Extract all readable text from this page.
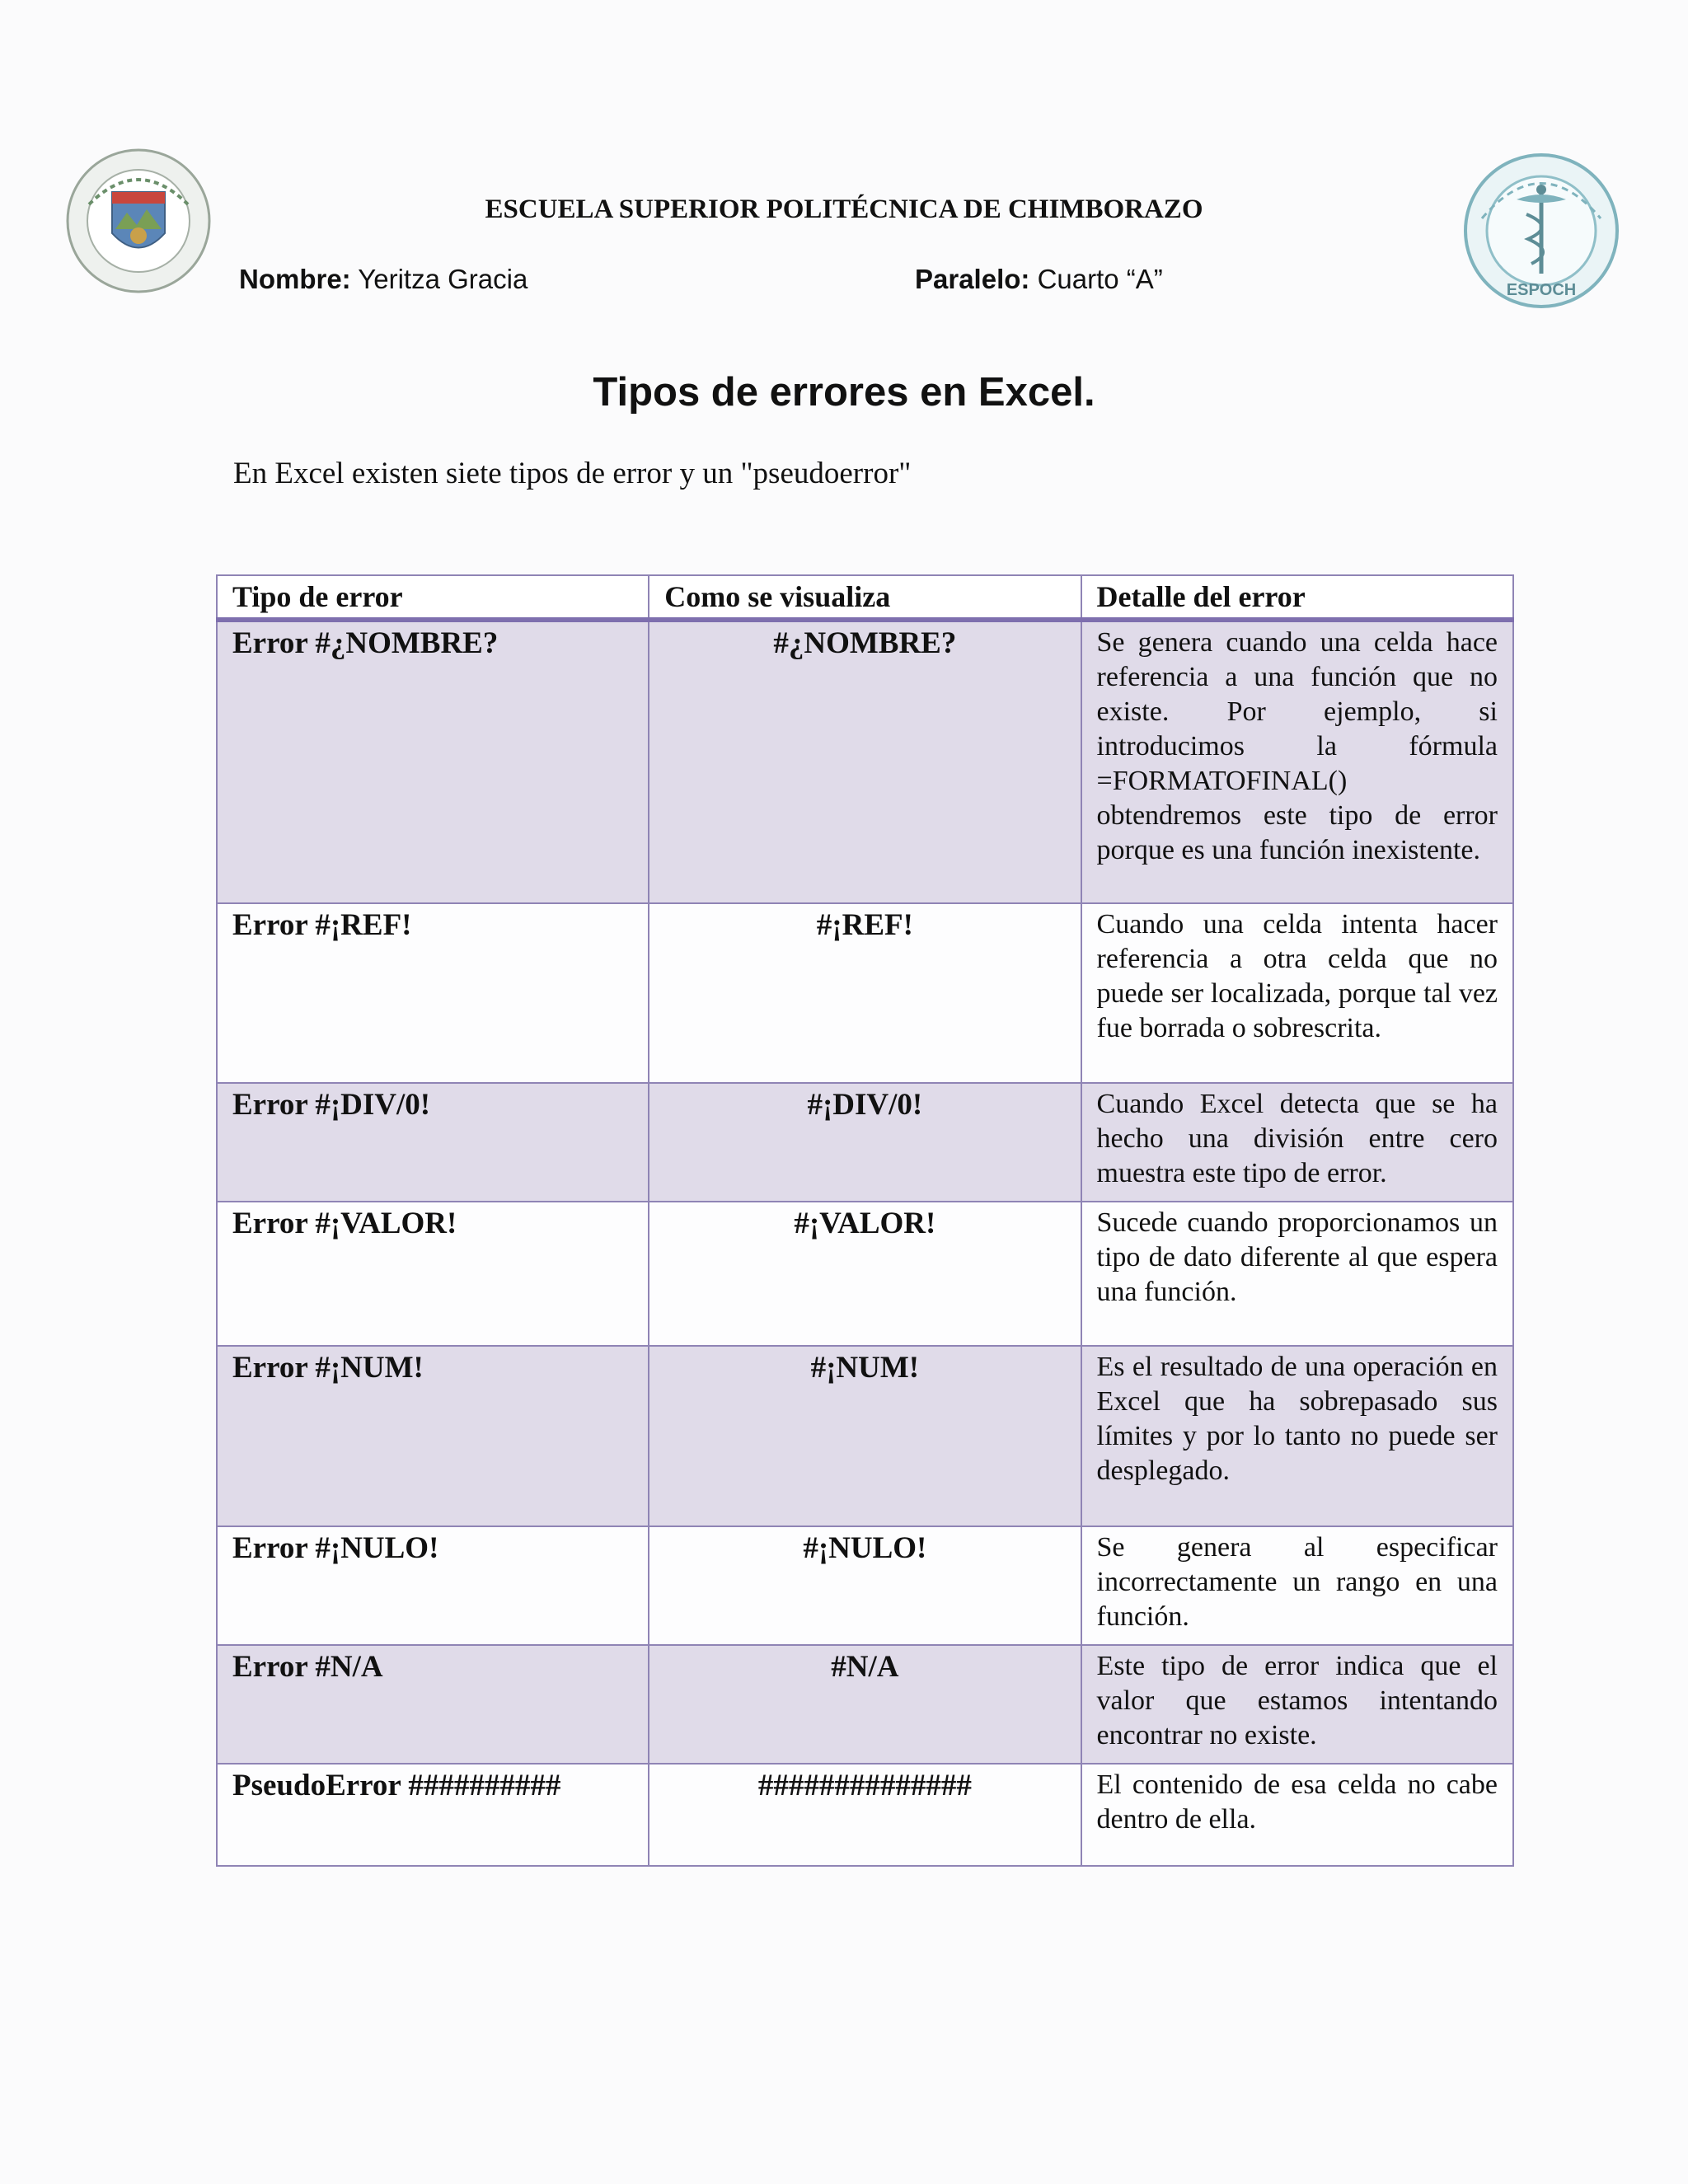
ESPOCH
ESCUELA SUPERIOR POLITÉCNICA DE CHIMBORAZO
Nombre: Yeritza Gracia	Paralelo: Cuarto “A”
Tipos de errores en Excel.
En Excel existen siete tipos de error y un "pseudoerror"
Tipo de error	Como se visualiza	Detalle del error
Error #¿NOMBRE?	#¿NOMBRE?	Se genera cuando una celda hace referencia a una función que no existe. Por ejemplo, si introducimos la fórmula =FORMATOFINAL() obtendremos este tipo de error porque es una función inexistente.
Error #¡REF!	#¡REF!	Cuando una celda intenta hacer referencia a otra celda que no puede ser localizada, porque tal vez fue borrada o sobrescrita.
Error #¡DIV/0!	#¡DIV/0!	Cuando Excel detecta que se ha hecho una división entre cero muestra este tipo de error.
Error #¡VALOR!	#¡VALOR!	Sucede cuando proporcionamos un tipo de dato diferente al que espera una función.
Error #¡NUM!	#¡NUM!	Es el resultado de una operación en Excel que ha sobrepasado sus límites y por lo tanto no puede ser desplegado.
Error #¡NULO!	#¡NULO!	Se genera al especificar incorrectamente un rango en una función.
Error #N/A	#N/A	Este tipo de error indica que el valor que estamos intentando encontrar no existe.
PseudoError ##########	##############	El contenido de esa celda no cabe dentro de ella.
